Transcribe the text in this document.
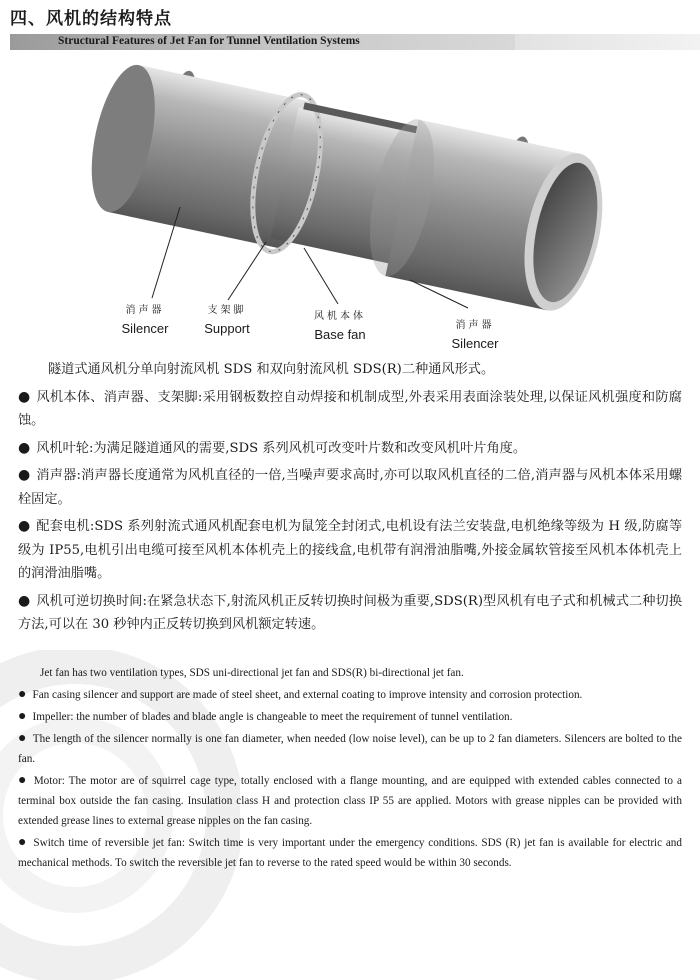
四、风机的结构特点
Structural Features of Jet Fan for Tunnel Ventilation Systems
消声器
Silencer
支架脚
Support
风机本体
Base fan
消声器
Silencer

隧道式通风机分单向射流风机 SDS 和双向射流风机 SDS(R)二种通风形式。

● 风机本体、消声器、支架脚:采用钢板数控自动焊接和机制成型,外表采用表面涂装处理,以保证风机强度和防腐蚀。

● 风机叶轮:为满足隧道通风的需要,SDS 系列风机可改变叶片数和改变风机叶片角度。

● 消声器:消声器长度通常为风机直径的一倍,当噪声要求高时,亦可以取风机直径的二倍,消声器与风机本体采用螺栓固定。

● 配套电机:SDS 系列射流式通风机配套电机为鼠笼全封闭式,电机设有法兰安装盘,电机绝缘等级为 H 级,防腐等级为 IP55,电机引出电缆可接至风机本体机壳上的接线盒,电机带有润滑油脂嘴,外接金属软管接至风机本体机壳上的润滑油脂嘴。

● 风机可逆切换时间:在紧急状态下,射流风机正反转切换时间极为重要,SDS(R)型风机有电子式和机械式二种切换方法,可以在 30 秒钟内正反转切换到风机额定转速。

Jet fan has two ventilation types, SDS uni-directional jet fan and SDS(R) bi-directional jet fan.

● Fan casing silencer and support are made of steel sheet, and external coating to improve intensity and corrosion protection.

● Impeller: the number of blades and blade angle is changeable to meet the requirement of tunnel ventilation.

● The length of the silencer normally is one fan diameter, when needed (low noise level), can be up to 2 fan diameters. Silencers are bolted to the fan.

● Motor: The motor are of squirrel cage type, totally enclosed with a flange mounting, and are equipped with extended cables connected to a terminal box outside the fan casing. Insulation class H and protection class IP 55 are applied. Motors with grease nipples can be provided with extended grease lines to external grease nipples on the fan casing.

● Switch time of reversible jet fan: Switch time is very important under the emergency conditions. SDS (R) jet fan is available for electric and mechanical methods. To switch the reversible jet fan to reverse to the rated speed would be within 30 seconds.
